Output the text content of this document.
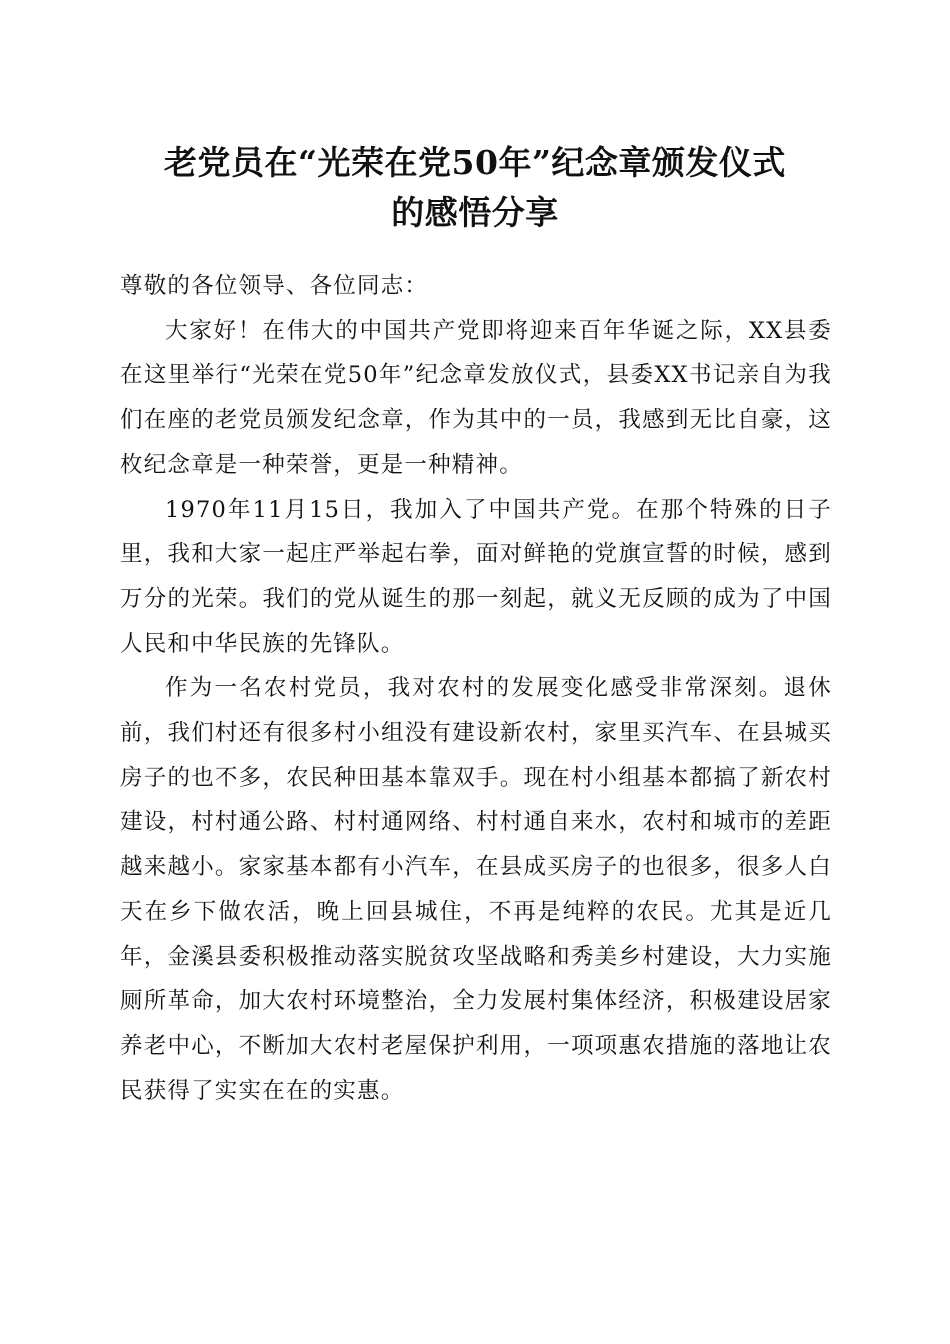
老党员在“光荣在党50年”纪念章颁发仪式
的感悟分享

尊敬的各位领导、各位同志：

大家好！在伟大的中国共产党即将迎来百年华诞之际，XX县委在这里举行“光荣在党50年”纪念章发放仪式，县委XX书记亲自为我们在座的老党员颁发纪念章，作为其中的一员，我感到无比自豪，这枚纪念章是一种荣誉，更是一种精神。

1970年11月15日，我加入了中国共产党。在那个特殊的日子里，我和大家一起庄严举起右拳，面对鲜艳的党旗宣誓的时候，感到万分的光荣。我们的党从诞生的那一刻起，就义无反顾的成为了中国人民和中华民族的先锋队。

作为一名农村党员，我对农村的发展变化感受非常深刻。退休前，我们村还有很多村小组没有建设新农村，家里买汽车、在县城买房子的也不多，农民种田基本靠双手。现在村小组基本都搞了新农村建设，村村通公路、村村通网络、村村通自来水，农村和城市的差距越来越小。家家基本都有小汽车，在县成买房子的也很多，很多人白天在乡下做农活，晚上回县城住，不再是纯粹的农民。尤其是近几年，金溪县委积极推动落实脱贫攻坚战略和秀美乡村建设，大力实施厕所革命，加大农村环境整治，全力发展村集体经济，积极建设居家养老中心，不断加大农村老屋保护利用，一项项惠农措施的落地让农民获得了实实在在的实惠。
